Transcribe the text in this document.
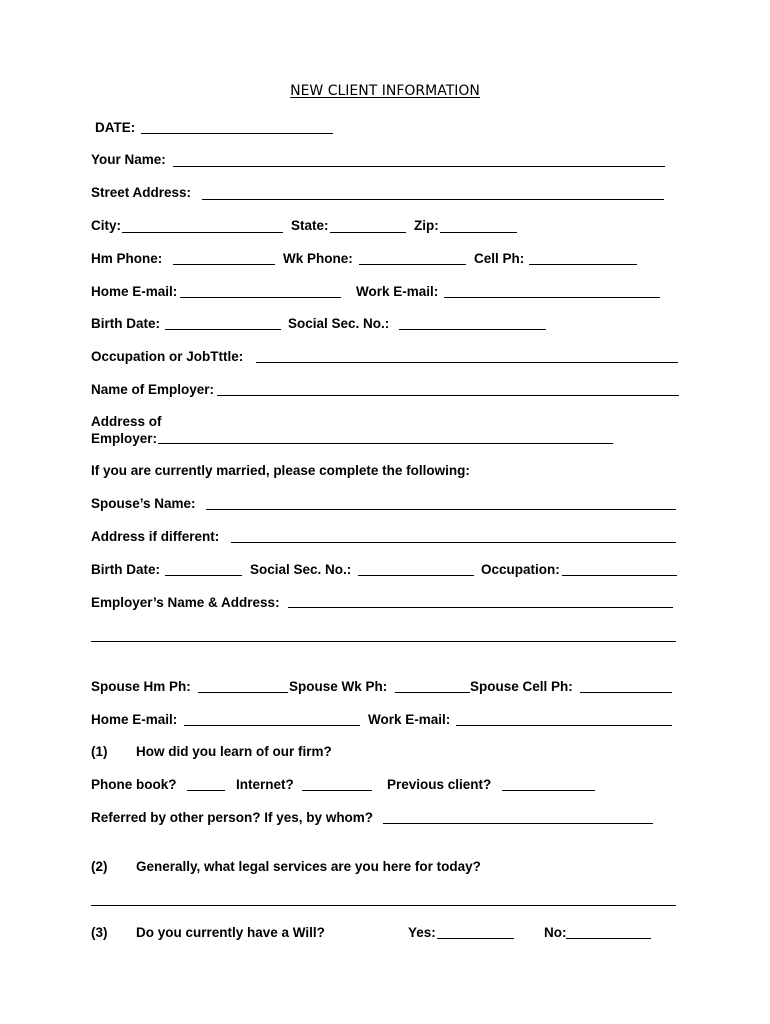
NEW CLIENT INFORMATION
DATE:
Your Name:
Street Address:
City:	State:	Zip:
Hm Phone:	Wk Phone:	Cell Ph:
Home E-mail:	Work E-mail:
Birth Date:	Social Sec. No.:
Occupation or JobTttle:
Name of Employer:
Address of
Employer:
If you are currently married, please complete the following:
Spouse’s Name:
Address if different:
Birth Date:	Social Sec. No.:	Occupation:
Employer’s Name & Address:
Spouse Hm Ph:	Spouse Wk Ph:	Spouse Cell Ph:
Home E-mail:	Work E-mail:
(1) How did you learn of our firm?
Phone book?	Internet?	Previous client?
Referred by other person? If yes, by whom?
(2) Generally, what legal services are you here for today?
(3) Do you currently have a Will?	Yes:	No:
